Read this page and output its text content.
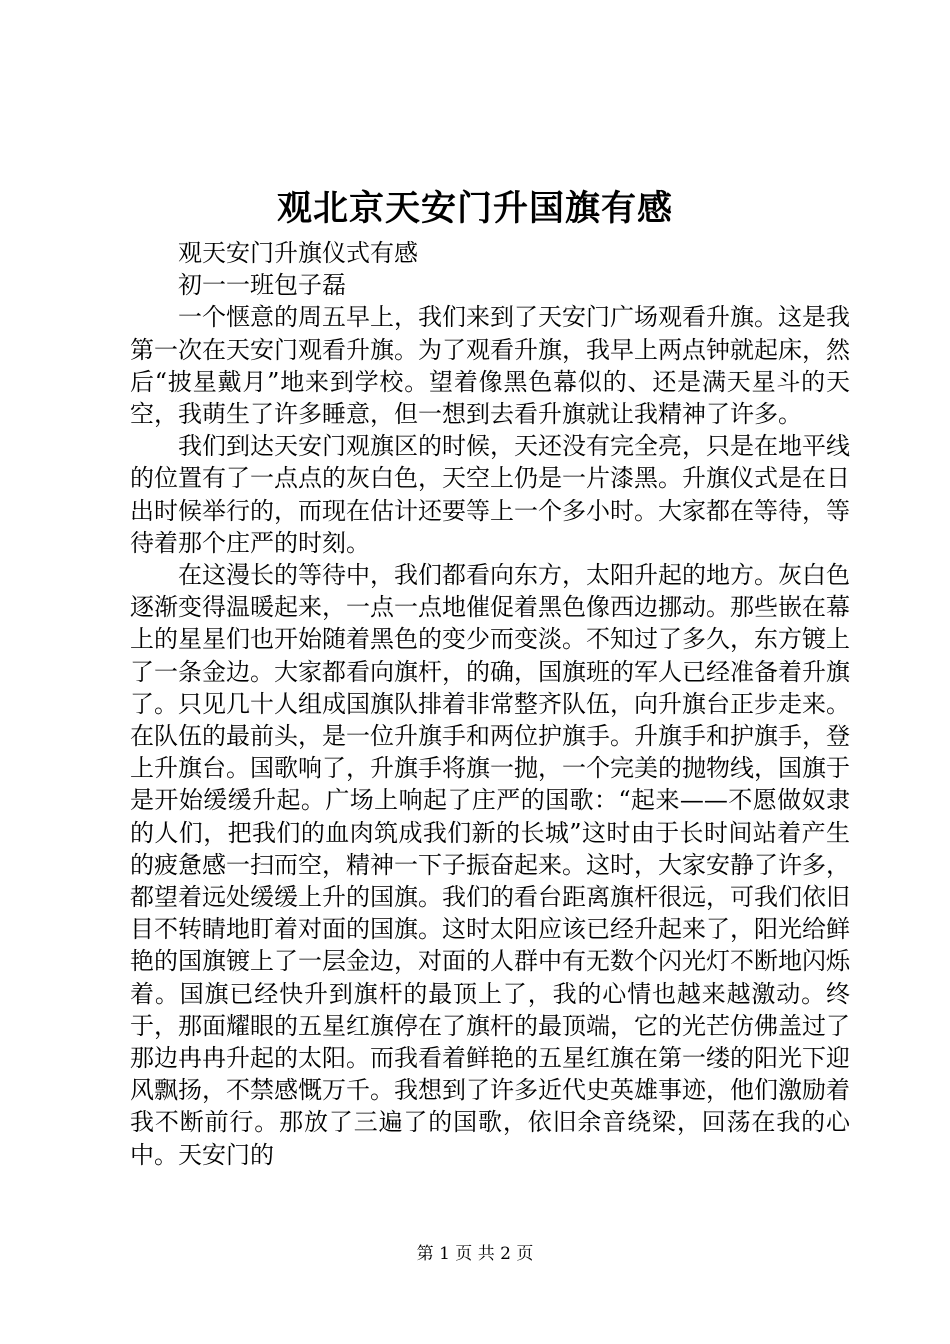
观北京天安门升国旗有感

观天安门升旗仪式有感

初一一班包子磊

一个惬意的周五早上，我们来到了天安门广场观看升旗。这是我第一次在天安门观看升旗。为了观看升旗，我早上两点钟就起床，然后“披星戴月”地来到学校。望着像黑色幕似的、还是满天星斗的天空，我萌生了许多睡意，但一想到去看升旗就让我精神了许多。

我们到达天安门观旗区的时候，天还没有完全亮，只是在地平线的位置有了一点点的灰白色，天空上仍是一片漆黑。升旗仪式是在日出时候举行的，而现在估计还要等上一个多小时。大家都在等待，等待着那个庄严的时刻。

在这漫长的等待中，我们都看向东方，太阳升起的地方。灰白色逐渐变得温暖起来，一点一点地催促着黑色像西边挪动。那些嵌在幕上的星星们也开始随着黑色的变少而变淡。不知过了多久，东方镀上了一条金边。大家都看向旗杆，的确，国旗班的军人已经准备着升旗了。只见几十人组成国旗队排着非常整齐队伍，向升旗台正步走来。在队伍的最前头，是一位升旗手和两位护旗手。升旗手和护旗手，登上升旗台。国歌响了，升旗手将旗一抛，一个完美的抛物线，国旗于是开始缓缓升起。广场上响起了庄严的国歌：“起来——不愿做奴隶的人们，把我们的血肉筑成我们新的长城”这时由于长时间站着产生的疲惫感一扫而空，精神一下子振奋起来。这时，大家安静了许多，都望着远处缓缓上升的国旗。我们的看台距离旗杆很远，可我们依旧目不转睛地盯着对面的国旗。这时太阳应该已经升起来了，阳光给鲜艳的国旗镀上了一层金边，对面的人群中有无数个闪光灯不断地闪烁着。国旗已经快升到旗杆的最顶上了，我的心情也越来越激动。终于，那面耀眼的五星红旗停在了旗杆的最顶端，它的光芒仿佛盖过了那边冉冉升起的太阳。而我看着鲜艳的五星红旗在第一缕的阳光下迎风飘扬，不禁感慨万千。我想到了许多近代史英雄事迹，他们激励着我不断前行。那放了三遍了的国歌，依旧余音绕梁，回荡在我的心中。天安门的

第 1 页 共 2 页
